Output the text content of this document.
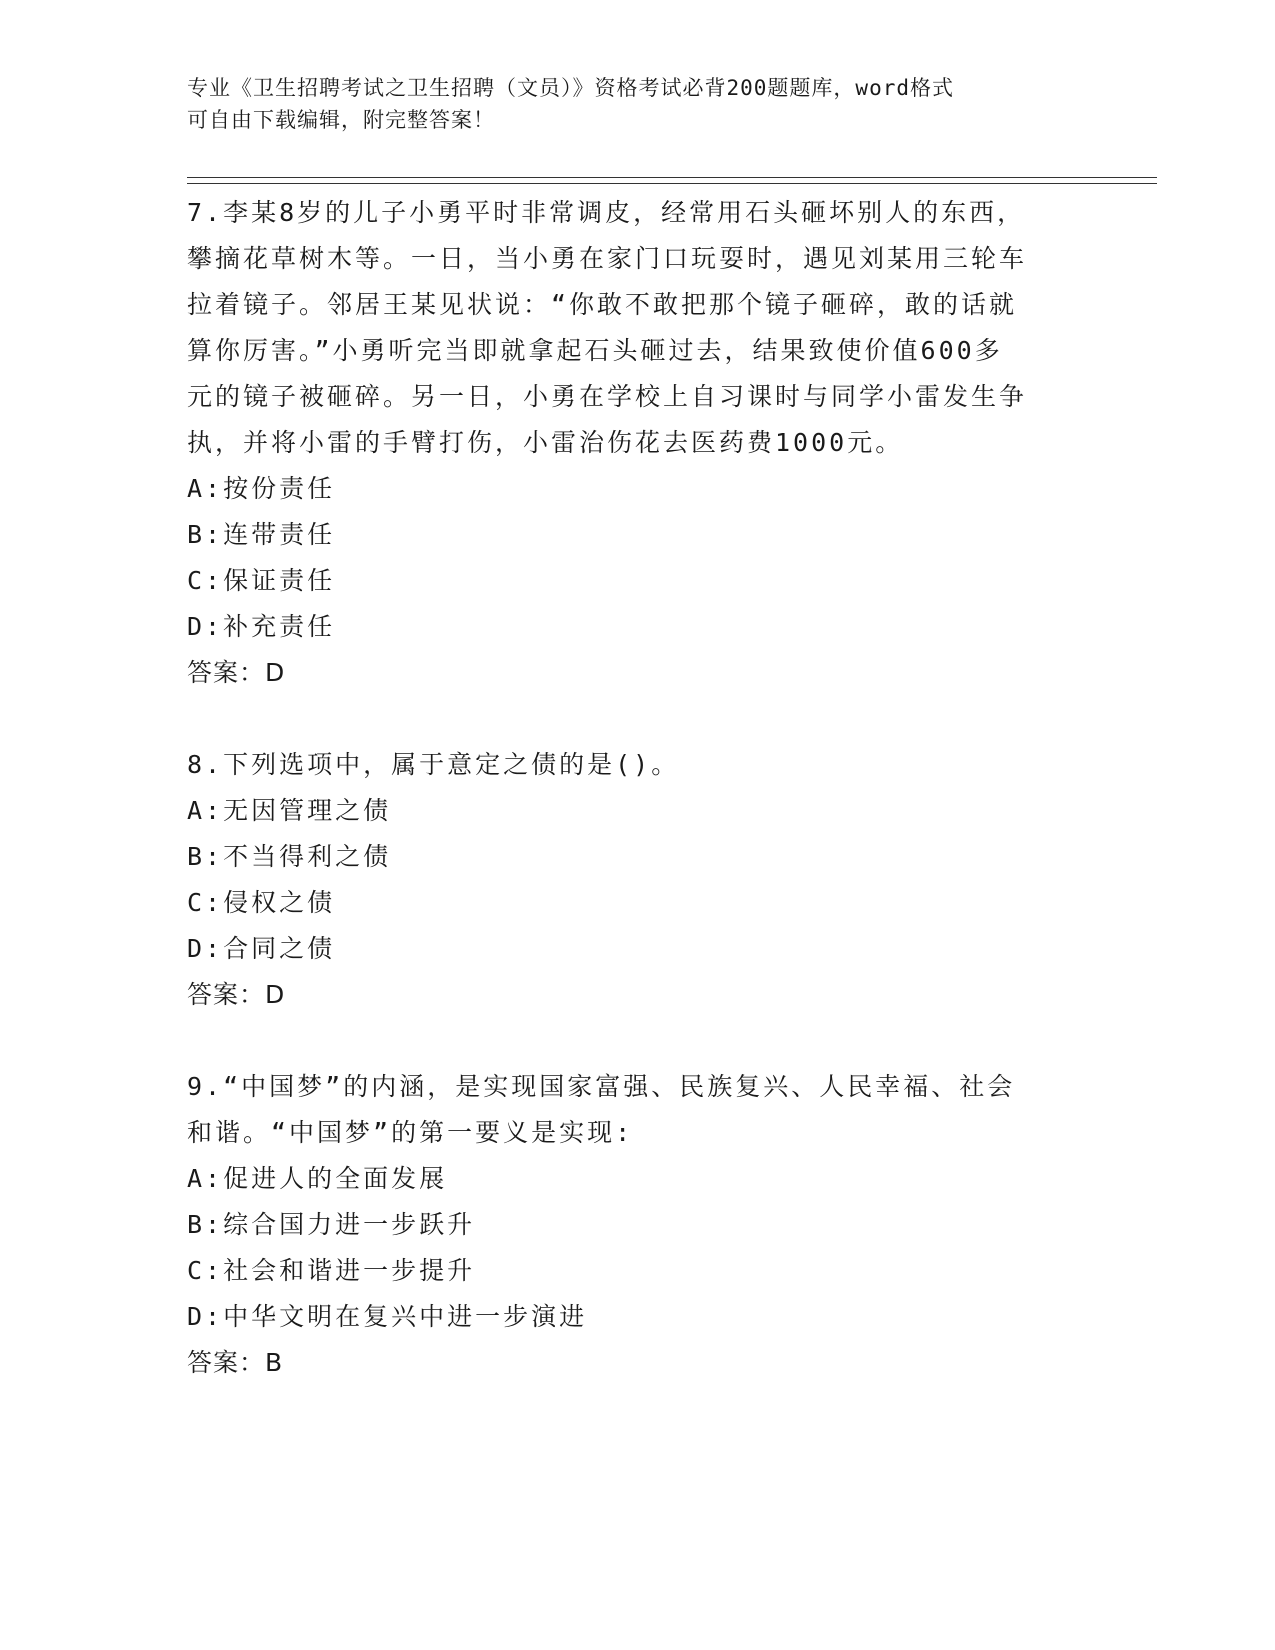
专业《卫生招聘考试之卫生招聘（文员）》资格考试必背200题题库，word格式
可自由下载编辑，附完整答案！
7.李某8岁的儿子小勇平时非常调皮，经常用石头砸坏别人的东西，
攀摘花草树木等。一日，当小勇在家门口玩耍时，遇见刘某用三轮车
拉着镜子。邻居王某见状说：“你敢不敢把那个镜子砸碎，敢的话就
算你厉害。”小勇听完当即就拿起石头砸过去，结果致使价值600多
元的镜子被砸碎。另一日，小勇在学校上自习课时与同学小雷发生争
执，并将小雷的手臂打伤，小雷治伤花去医药费1000元。
A:按份责任
B:连带责任
C:保证责任
D:补充责任
答案：D
8.下列选项中，属于意定之债的是()。
A:无因管理之债
B:不当得利之债
C:侵权之债
D:合同之债
答案：D
9.“中国梦”的内涵，是实现国家富强、民族复兴、人民幸福、社会
和谐。“中国梦”的第一要义是实现:
A:促进人的全面发展
B:综合国力进一步跃升
C:社会和谐进一步提升
D:中华文明在复兴中进一步演进
答案：B
